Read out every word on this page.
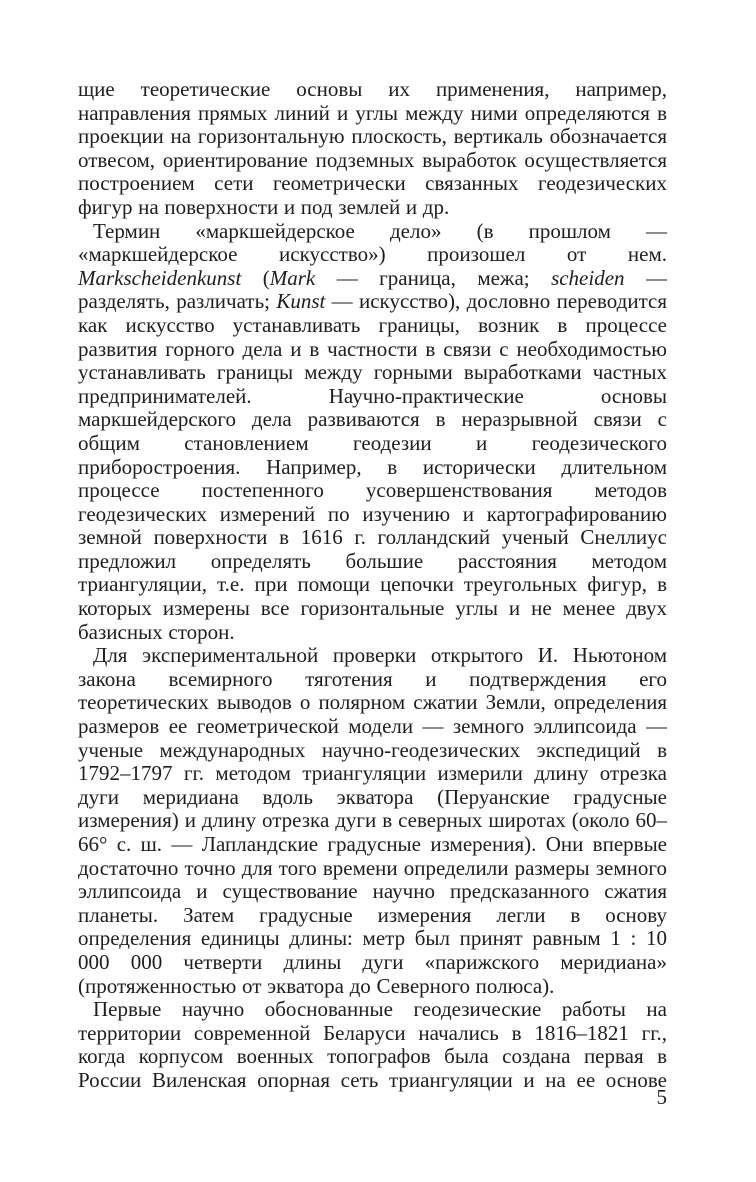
щие теоретические основы их применения, например, направления прямых линий и углы между ними определяются в проекции на горизонтальную плоскость, вертикаль обозначается отвесом, ориентирование подземных выработок осуществляется построением сети геометрически связанных геодезических фигур на поверхности и под землей и др.

Термин «маркшейдерское дело» (в прошлом — «маркшейдерское искусство») произошел от нем. Markscheidenkunst (Mark — граница, межа; scheiden — разделять, различать; Kunst — искусство), дословно переводится как искусство устанавливать границы, возник в процессе развития горного дела и в частности в связи с необходимостью устанавливать границы между горными выработками частных предпринимателей. Научно-практические основы маркшейдерского дела развиваются в неразрывной связи с общим становлением геодезии и геодезического приборостроения. Например, в исторически длительном процессе постепенного усовершенствования методов геодезических измерений по изучению и картографированию земной поверхности в 1616 г. голландский ученый Снеллиус предложил определять большие расстояния методом триангуляции, т.е. при помощи цепочки треугольных фигур, в которых измерены все горизонтальные углы и не менее двух базисных сторон.

Для экспериментальной проверки открытого И. Ньютоном закона всемирного тяготения и подтверждения его теоретических выводов о полярном сжатии Земли, определения размеров ее геометрической модели — земного эллипсоида — ученые международных научно-геодезических экспедиций в 1792–1797 гг. методом триангуляции измерили длину отрезка дуги меридиана вдоль экватора (Перуанские градусные измерения) и длину отрезка дуги в северных широтах (около 60–66° с. ш. — Лапландские градусные измерения). Они впервые достаточно точно для того времени определили размеры земного эллипсоида и существование научно предсказанного сжатия планеты. Затем градусные измерения легли в основу определения единицы длины: метр был принят равным 1 : 10 000 000 четверти длины дуги «парижского меридиана» (протяженностью от экватора до Северного полюса).

Первые научно обоснованные геодезические работы на территории современной Беларуси начались в 1816–1821 гг., когда корпусом военных топографов была создана первая в России Виленская опорная сеть триангуляции и на ее основе

5
